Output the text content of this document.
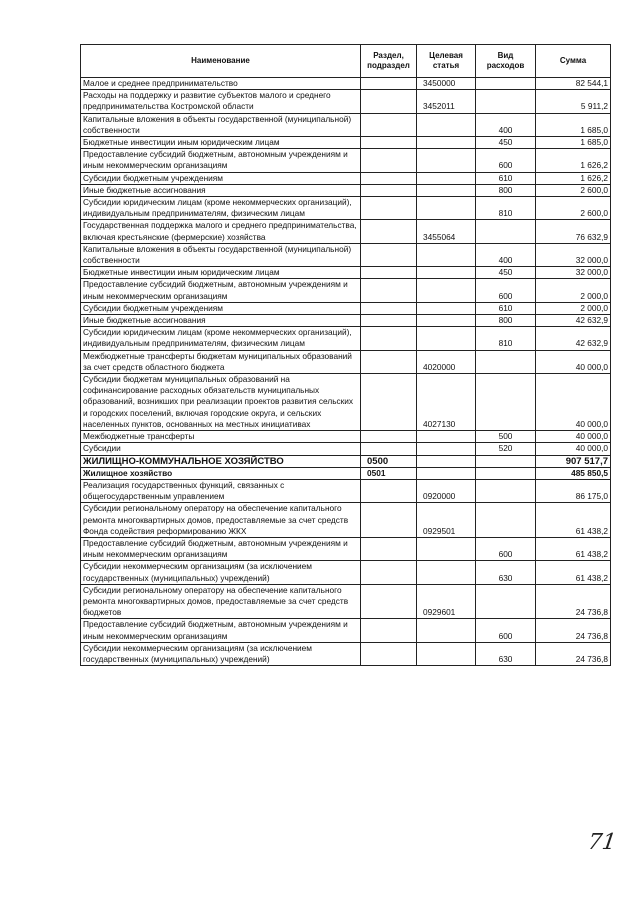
Наименование	Раздел, подраздел	Целевая статья	Вид расходов	Сумма
Малое и среднее предпринимательство		3450000		82 544,1
Расходы на поддержку и развитие субъектов малого и среднего предпринимательства Костромской области		3452011		5 911,2
Капитальные вложения в объекты государственной (муниципальной) собственности			400	1 685,0
Бюджетные инвестиции иным юридическим лицам			450	1 685,0
Предоставление субсидий бюджетным, автономным учреждениям и иным некоммерческим организациям			600	1 626,2
Субсидии бюджетным учреждениям			610	1 626,2
Иные бюджетные ассигнования			800	2 600,0
Субсидии юридическим лицам (кроме некоммерческих организаций), индивидуальным предпринимателям, физическим лицам			810	2 600,0
Государственная поддержка малого и среднего предпринимательства, включая крестьянские (фермерские) хозяйства		3455064		76 632,9
Капитальные вложения в объекты государственной (муниципальной) собственности			400	32 000,0
Бюджетные инвестиции иным юридическим лицам			450	32 000,0
Предоставление субсидий бюджетным, автономным учреждениям и иным некоммерческим организациям			600	2 000,0
Субсидии бюджетным учреждениям			610	2 000,0
Иные бюджетные ассигнования			800	42 632,9
Субсидии юридическим лицам (кроме некоммерческих организаций), индивидуальным предпринимателям, физическим лицам			810	42 632,9
Межбюджетные трансферты бюджетам муниципальных образований за счет средств областного бюджета		4020000		40 000,0
Субсидии бюджетам муниципальных образований на софинансирование расходных обязательств муниципальных образований, возникших при реализации проектов развития сельских и городских поселений, включая городские округа, и сельских населенных пунктов, основанных на местных инициативах		4027130		40 000,0
Межбюджетные трансферты			500	40 000,0
Субсидии			520	40 000,0
ЖИЛИЩНО-КОММУНАЛЬНОЕ ХОЗЯЙСТВО	0500			907 517,7
Жилищное хозяйство	0501			485 850,5
Реализация государственных функций, связанных с общегосударственным управлением		0920000		86 175,0
Субсидии региональному оператору на обеспечение капитального ремонта многоквартирных домов, предоставляемые за счет средств Фонда содействия реформированию ЖКХ		0929501		61 438,2
Предоставление субсидий бюджетным, автономным учреждениям и иным некоммерческим организациям			600	61 438,2
Субсидии некоммерческим организациям (за исключением государственных (муниципальных) учреждений)			630	61 438,2
Субсидии региональному оператору на обеспечение капитального ремонта многоквартирных домов, предоставляемые за счет средств бюджетов		0929601		24 736,8
Предоставление субсидий бюджетным, автономным учреждениям и иным некоммерческим организациям			600	24 736,8
Субсидии некоммерческим организациям (за исключением государственных (муниципальных) учреждений)			630	24 736,8
71
